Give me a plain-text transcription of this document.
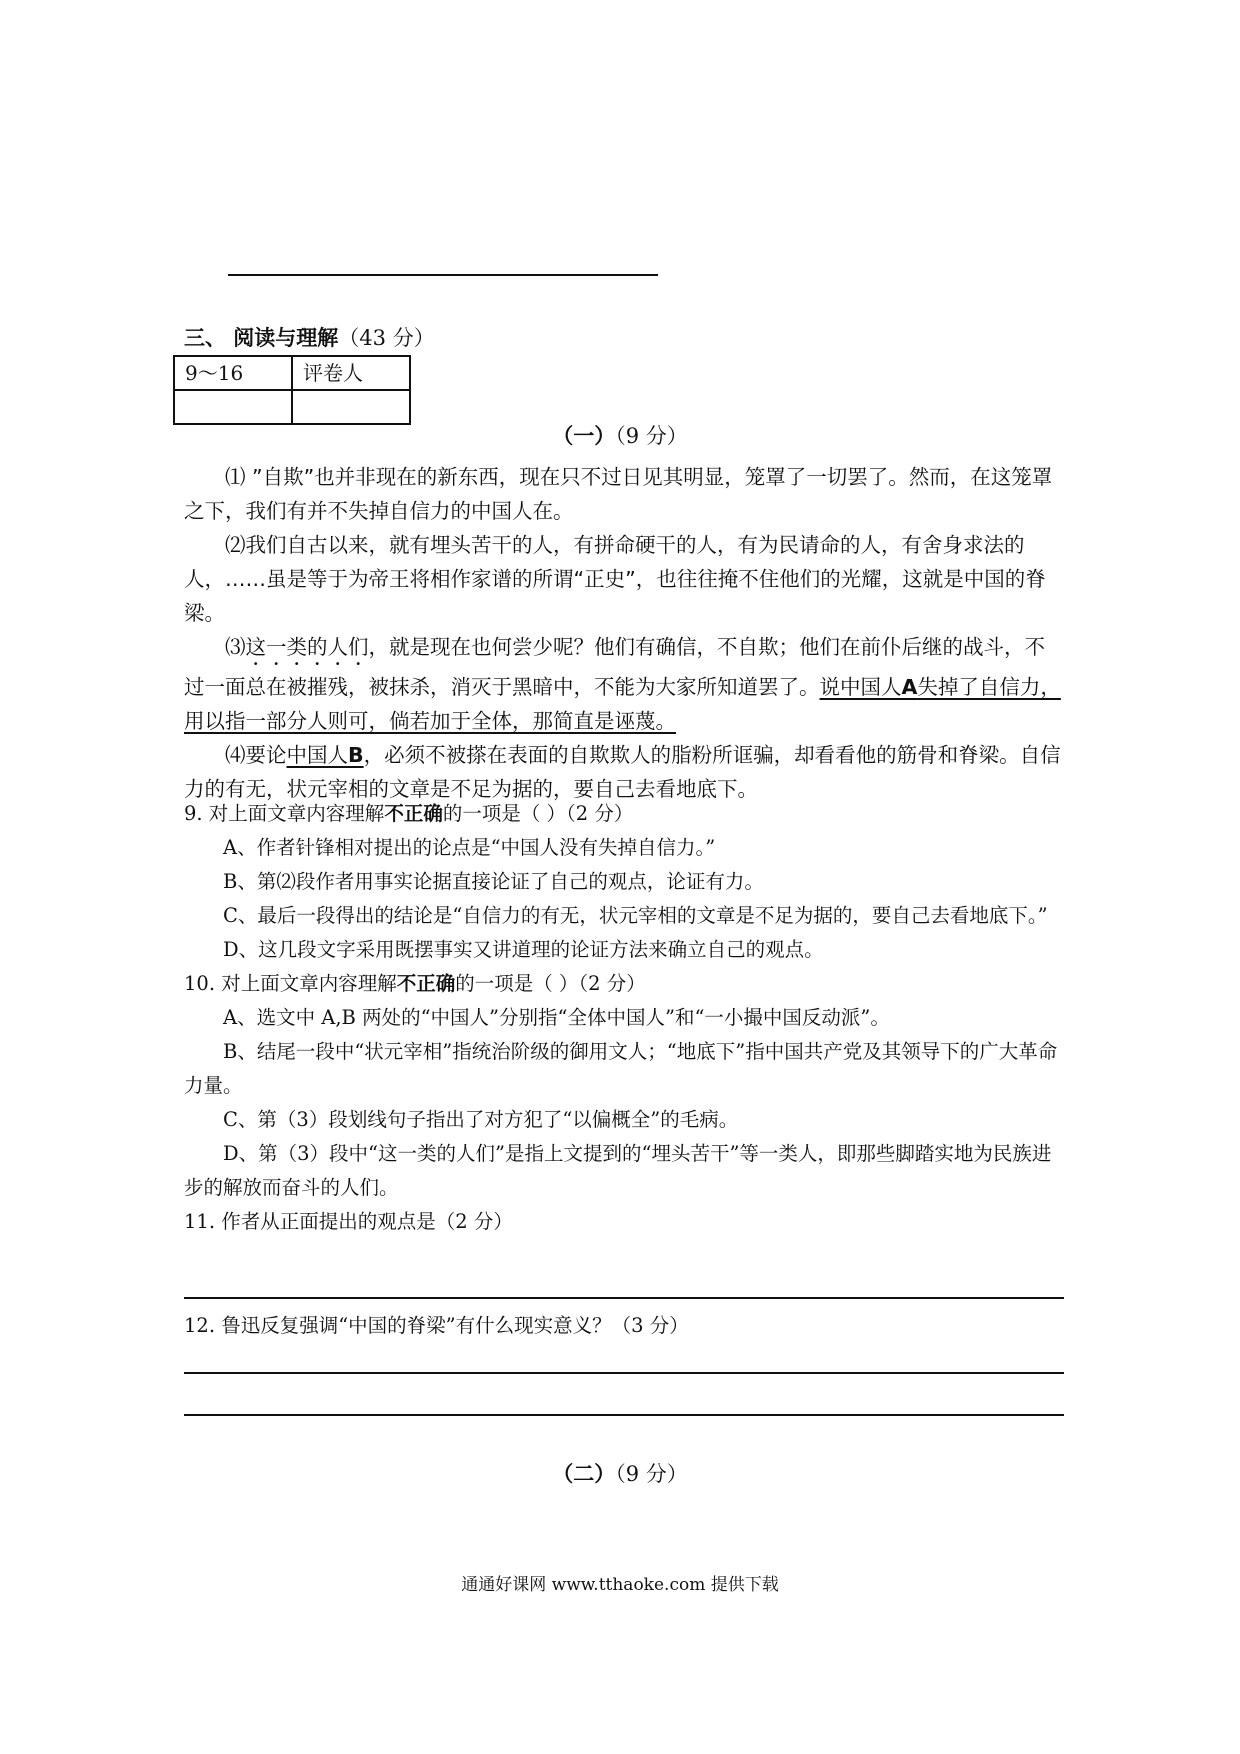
三、 阅读与理解（43 分）
9～16	评卷人

（一）（9 分）

⑴ ”自欺”也并非现在的新东西，现在只不过日见其明显，笼罩了一切罢了。然而，在这笼罩之下，我们有并不失掉自信力的中国人在。

⑵我们自古以来，就有埋头苦干的人，有拼命硬干的人，有为民请命的人，有舍身求法的人，……虽是等于为帝王将相作家谱的所谓“正史”，也往往掩不住他们的光耀，这就是中国的脊梁。

⑶这一类的人们，就是现在也何尝少呢？他们有确信，不自欺；他们在前仆后继的战斗，不过一面总在被摧残，被抹杀，消灭于黑暗中，不能为大家所知道罢了。说中国人A失掉了自信力，用以指一部分人则可，倘若加于全体，那简直是诬蔑。

⑷要论中国人B，必须不被搽在表面的自欺欺人的脂粉所诓骗，却看看他的筋骨和脊梁。自信力的有无，状元宰相的文章是不足为据的，要自己去看地底下。

9. 对上面文章内容理解不正确的一项是（ ）（2 分）

A、作者针锋相对提出的论点是“中国人没有失掉自信力。”

B、第⑵段作者用事实论据直接论证了自己的观点，论证有力。

C、最后一段得出的结论是“自信力的有无，状元宰相的文章是不足为据的，要自己去看地底下。”

D、这几段文字采用既摆事实又讲道理的论证方法来确立自己的观点。

10. 对上面文章内容理解不正确的一项是（ ）（2 分）

A、选文中 A,B 两处的“中国人”分别指“全体中国人”和“一小撮中国反动派”。

B、结尾一段中“状元宰相”指统治阶级的御用文人；“地底下”指中国共产党及其领导下的广大革命力量。

C、第（3）段划线句子指出了对方犯了“以偏概全”的毛病。

D、第（3）段中“这一类的人们”是指上文提到的“埋头苦干”等一类人，即那些脚踏实地为民族进步的解放而奋斗的人们。

11. 作者从正面提出的观点是（2 分）

12. 鲁迅反复强调“中国的脊梁”有什么现实意义？（3 分）
（二）（9 分）
通通好课网 www.tthaoke.com 提供下载
